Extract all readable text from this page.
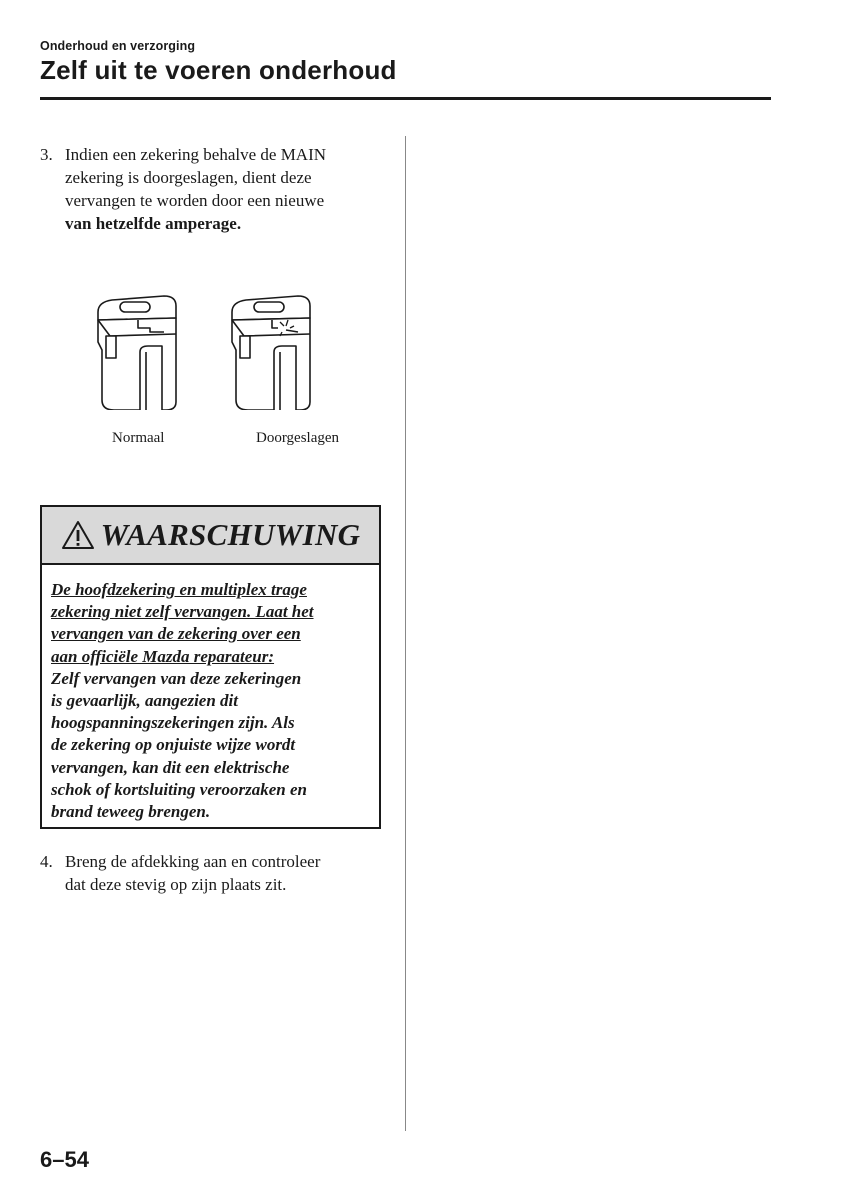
Onderhoud en verzorging
Zelf uit te voeren onderhoud
3. Indien een zekering behalve de MAIN
zekering is doorgeslagen, dient deze
vervangen te worden door een nieuwe
van hetzelfde amperage.
Normaal	Doorgeslagen
WAARSCHUWING
De hoofdzekering en multiplex trage
zekering niet zelf vervangen. Laat het
vervangen van de zekering over een
aan officiële Mazda reparateur:
Zelf vervangen van deze zekeringen
is gevaarlijk, aangezien dit
hoogspanningszekeringen zijn. Als
de zekering op onjuiste wijze wordt
vervangen, kan dit een elektrische
schok of kortsluiting veroorzaken en
brand teweeg brengen.
4. Breng de afdekking aan en controleer
dat deze stevig op zijn plaats zit.
6–54
